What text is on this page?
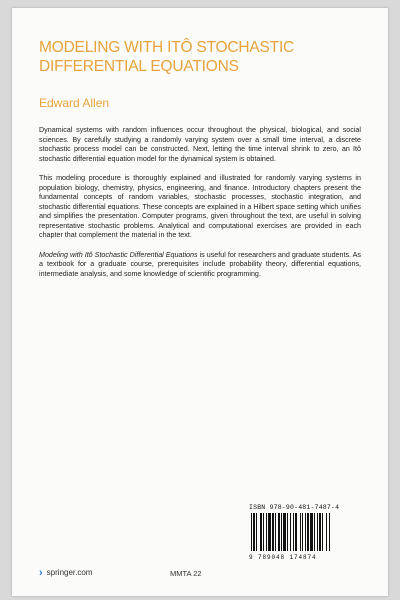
MODELING WITH ITÔ STOCHASTIC
DIFFERENTIAL EQUATIONS
Edward Allen

Dynamical systems with random influences occur throughout the physical, biological, and social sciences. By carefully studying a randomly varying system over a small time interval, a discrete stochastic process model can be constructed. Next, letting the time interval shrink to zero, an Itô stochastic differential equation model for the dynamical system is obtained.

This modeling procedure is thoroughly explained and illustrated for randomly varying systems in population biology, chemistry, physics, engineering, and finance. Introductory chapters present the fundamental concepts of random variables, stochastic processes, stochastic integration, and stochastic differential equations. These concepts are explained in a Hilbert space setting which unifies and simplifies the presentation. Computer programs, given throughout the text, are useful in solving representative stochastic problems. Analytical and computational exercises are provided in each chapter that complement the material in the text.

Modeling with Itô Stochastic Differential Equations is useful for researchers and graduate students. As a textbook for a graduate course, prerequisites include probability theory, differential equations, intermediate analysis, and some knowledge of scientific programming.

ISBN 978-90-481-7487-4
9 789048 174874
› springer.com	MMTA 22
